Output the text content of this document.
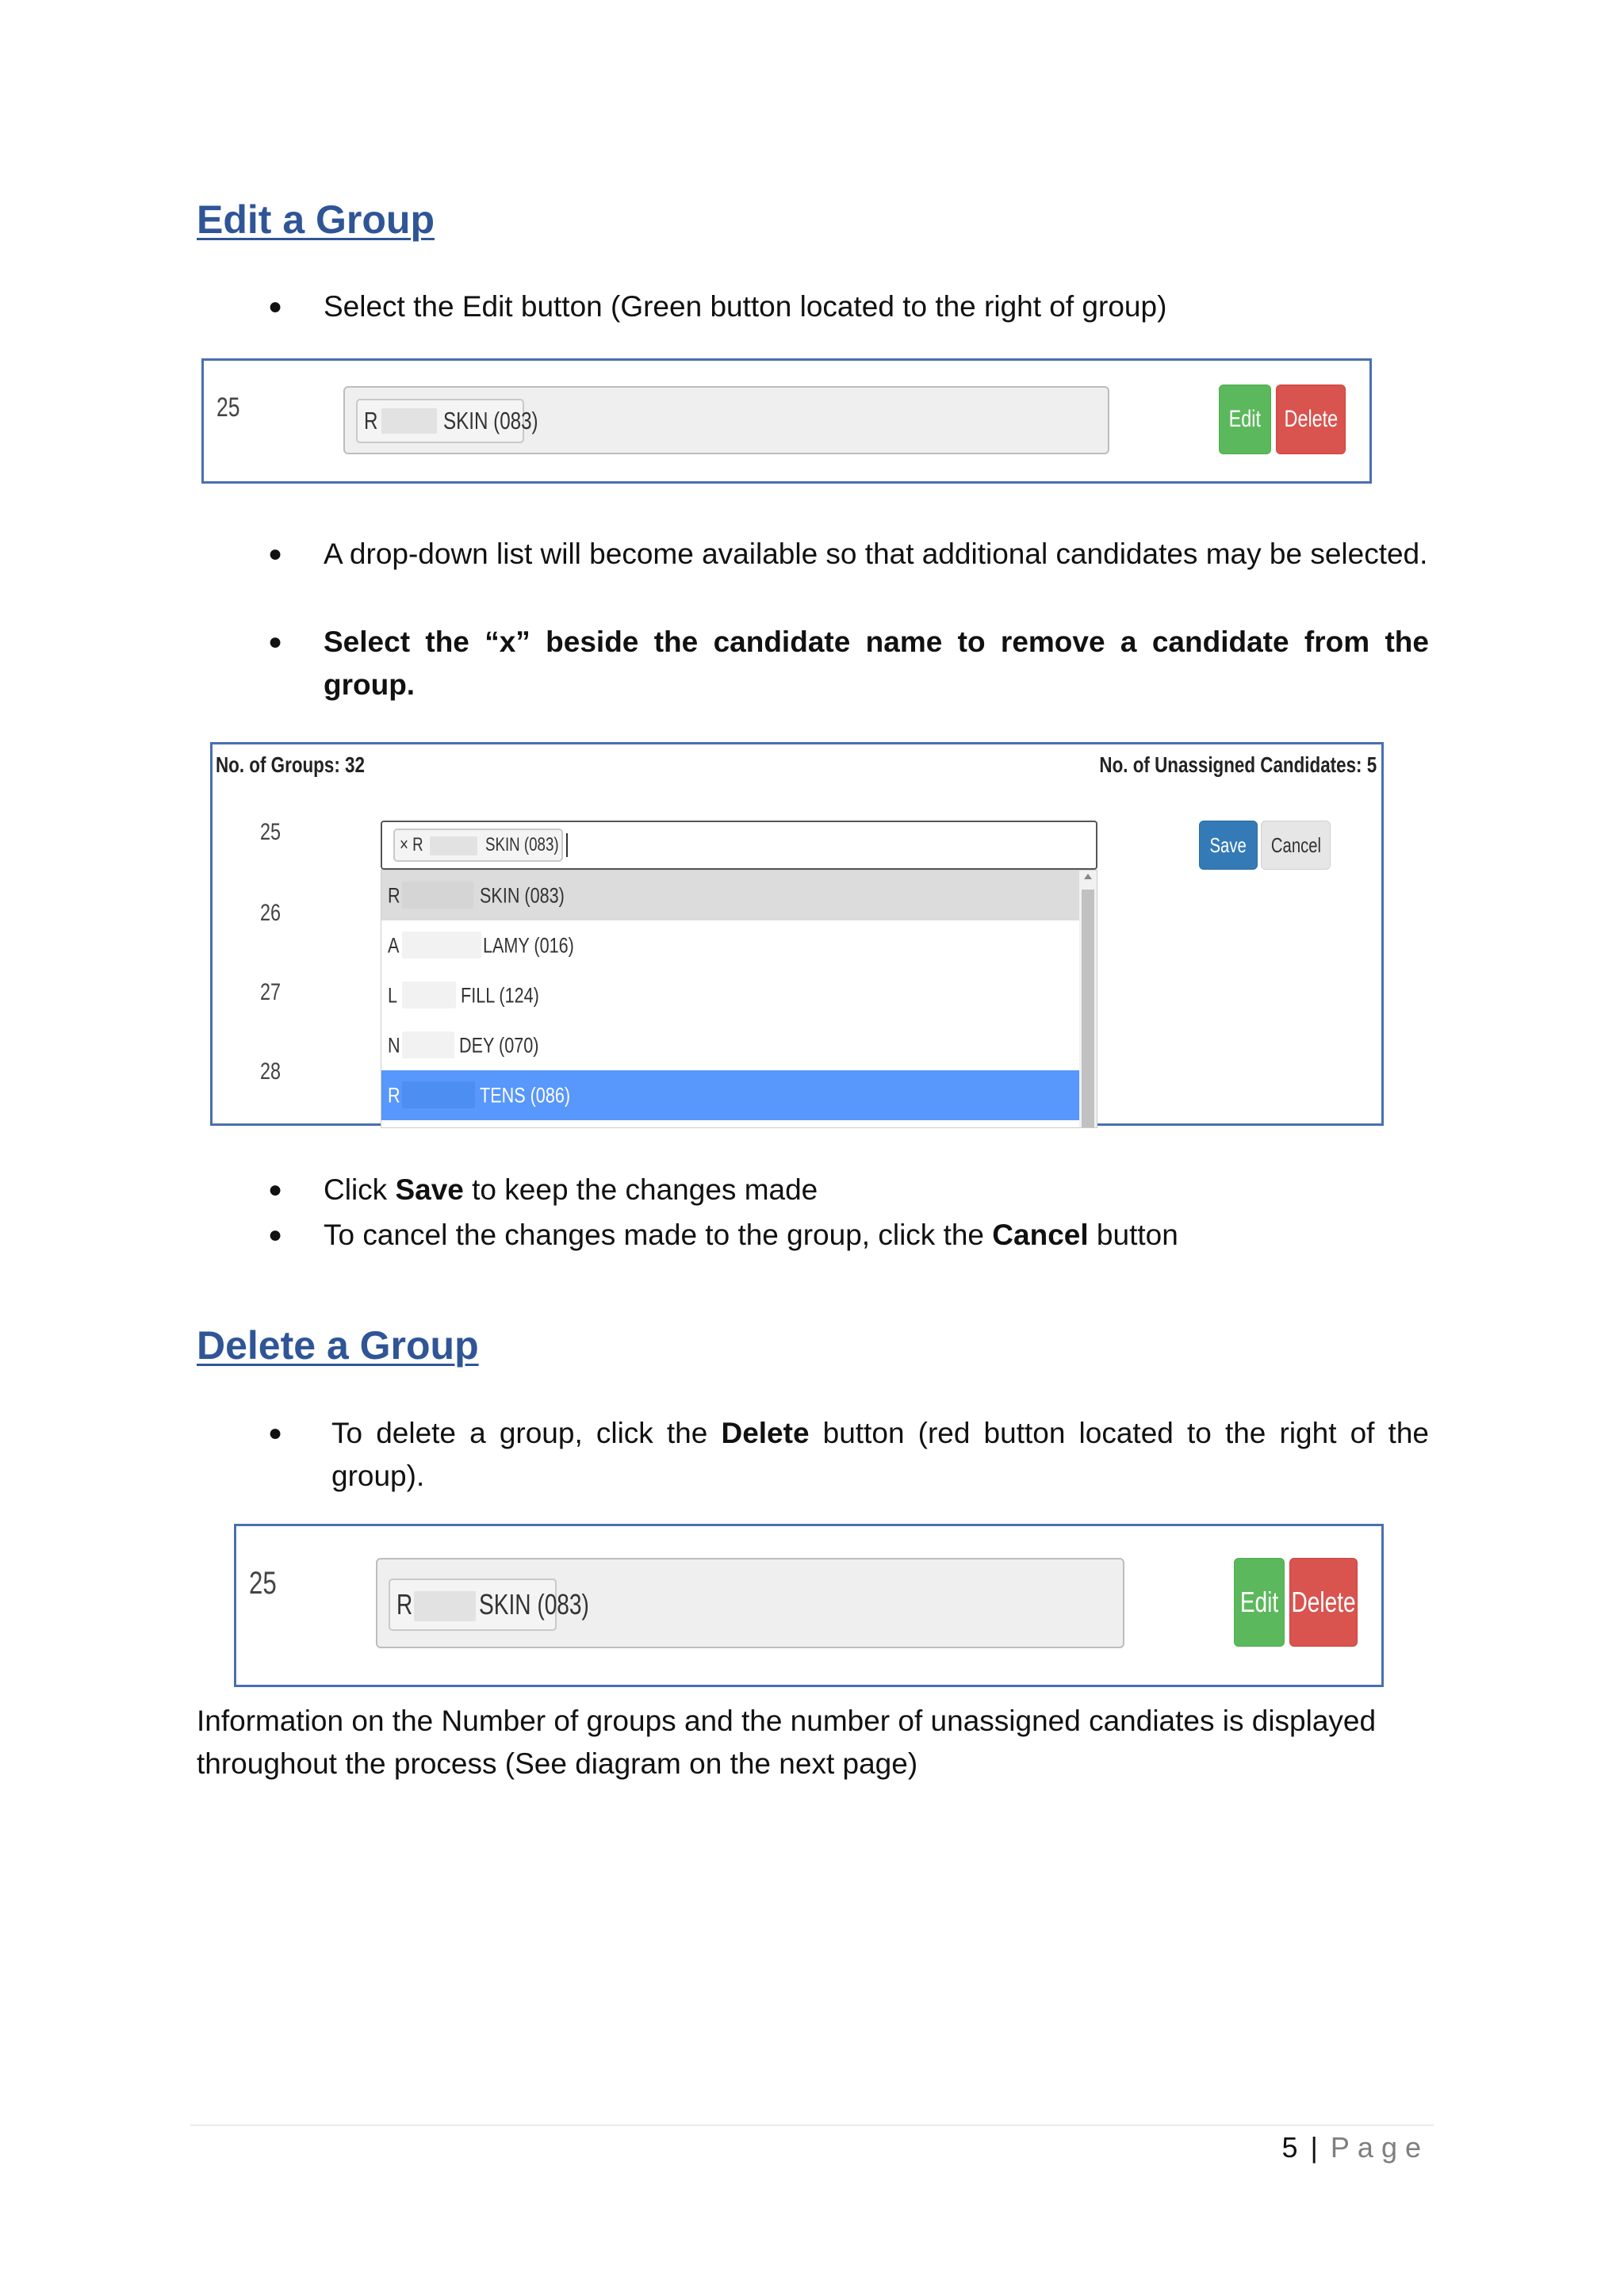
Edit a Group
●	Select the Edit button (Green button located to the right of group)
25	R	SKIN (083)	Edit Delete
●	A drop-down list will become available so that additional candidates may be selected.
●	Select the “x” beside the candidate name to remove a candidate from the group.
No. of Groups: 32	No. of Unassigned Candidates: 5
25
26
27
28
× R	SKIN (083)
R	SKIN (083)
A	LAMY (016)
L	FILL (124)
N	DEY (070)
R	TENS (086)
Save Cancel
●	Click Save to keep the changes made
●	To cancel the changes made to the group, click the Cancel button
Delete a Group
●	To delete a group, click the Delete button (red button located to the right of the group).
25
R SKIN (083)	Edit Delete

Information on the Number of groups and the number of unassigned candiates is displayed throughout the process (See diagram on the next page)

5 | Page
